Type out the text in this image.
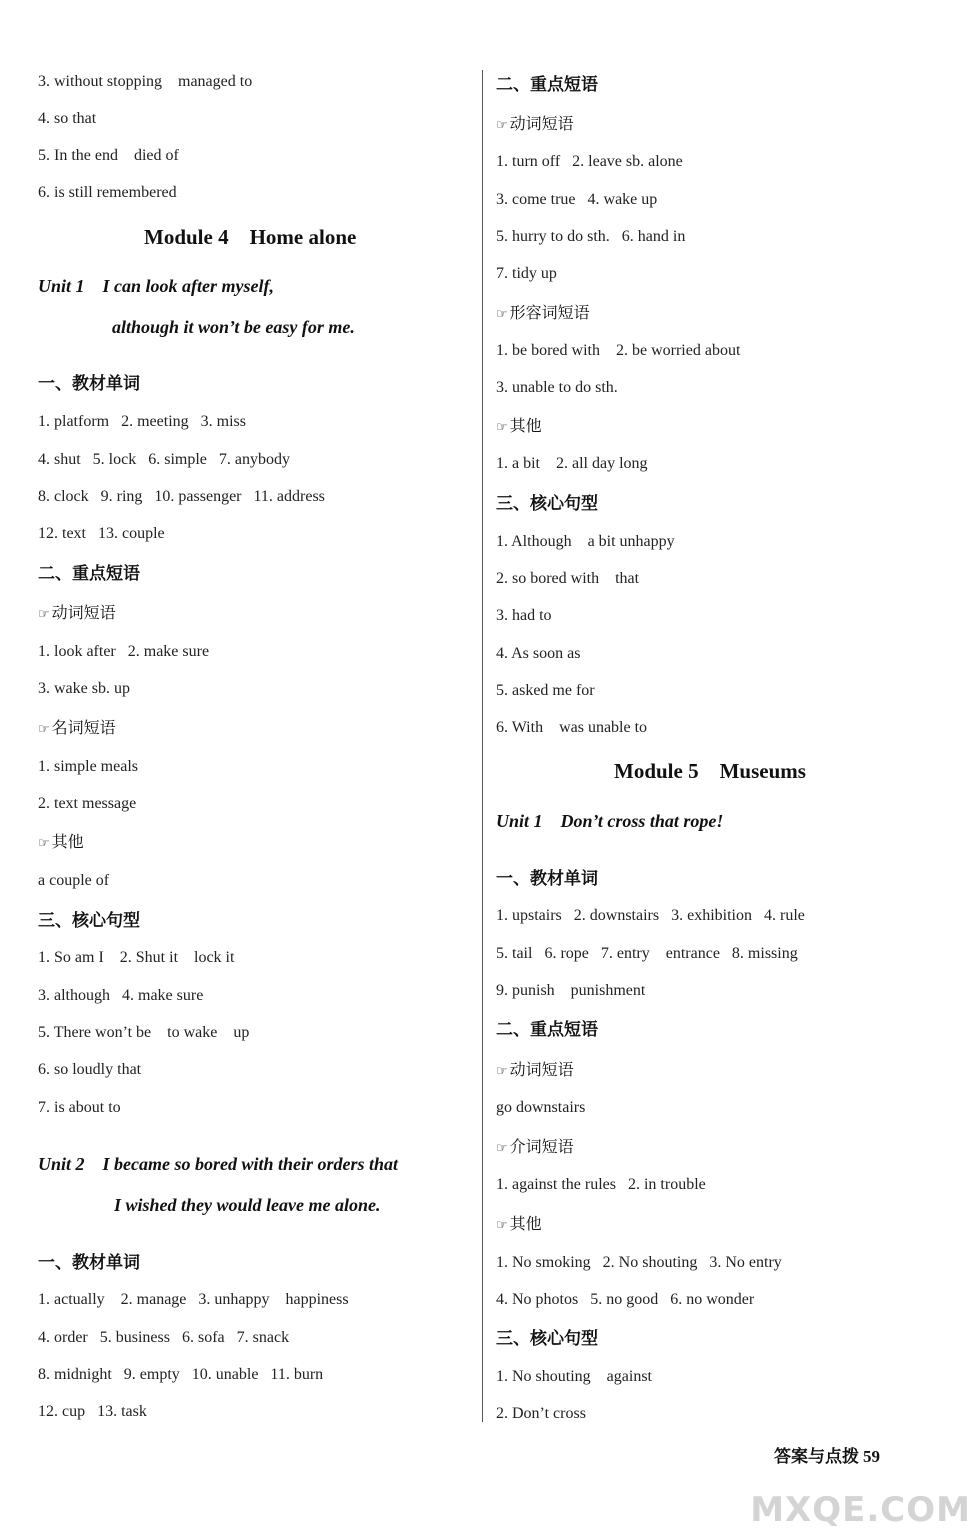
3. without stopping    managed to
4. so that
5. In the end    died of
6. is still remembered
Module 4    Home alone
Unit 1    I can look after myself,
although it won’t be easy for me.
一、教材单词
1. platform   2. meeting   3. miss
4. shut   5. lock   6. simple   7. anybody
8. clock   9. ring   10. passenger   11. address
12. text   13. couple
二、重点短语
☞ 动词短语
1. look after   2. make sure
3. wake sb. up
☞ 名词短语
1. simple meals
2. text message
☞ 其他
a couple of
三、核心句型
1. So am I    2. Shut it    lock it
3. although   4. make sure
5. There won’t be    to wake    up
6. so loudly that
7. is about to
Unit 2    I became so bored with their orders that
I wished they would leave me alone.
一、教材单词
1. actually    2. manage   3. unhappy    happiness
4. order   5. business   6. sofa   7. snack
8. midnight   9. empty   10. unable   11. burn
12. cup   13. task
二、重点短语
☞ 动词短语
1. turn off   2. leave sb. alone
3. come true   4. wake up
5. hurry to do sth.   6. hand in
7. tidy up
☞ 形容词短语
1. be bored with    2. be worried about
3. unable to do sth.
☞ 其他
1. a bit    2. all day long
三、核心句型
1. Although    a bit unhappy
2. so bored with    that
3. had to
4. As soon as
5. asked me for
6. With    was unable to
Module 5    Museums
Unit 1    Don’t cross that rope!
一、教材单词
1. upstairs   2. downstairs   3. exhibition   4. rule
5. tail   6. rope   7. entry    entrance   8. missing
9. punish    punishment
二、重点短语
☞ 动词短语
go downstairs
☞ 介词短语
1. against the rules   2. in trouble
☞ 其他
1. No smoking   2. No shouting   3. No entry
4. No photos   5. no good   6. no wonder
三、核心句型
1. No shouting    against
2. Don’t cross
答案与点拨 59
MXQE.COM
